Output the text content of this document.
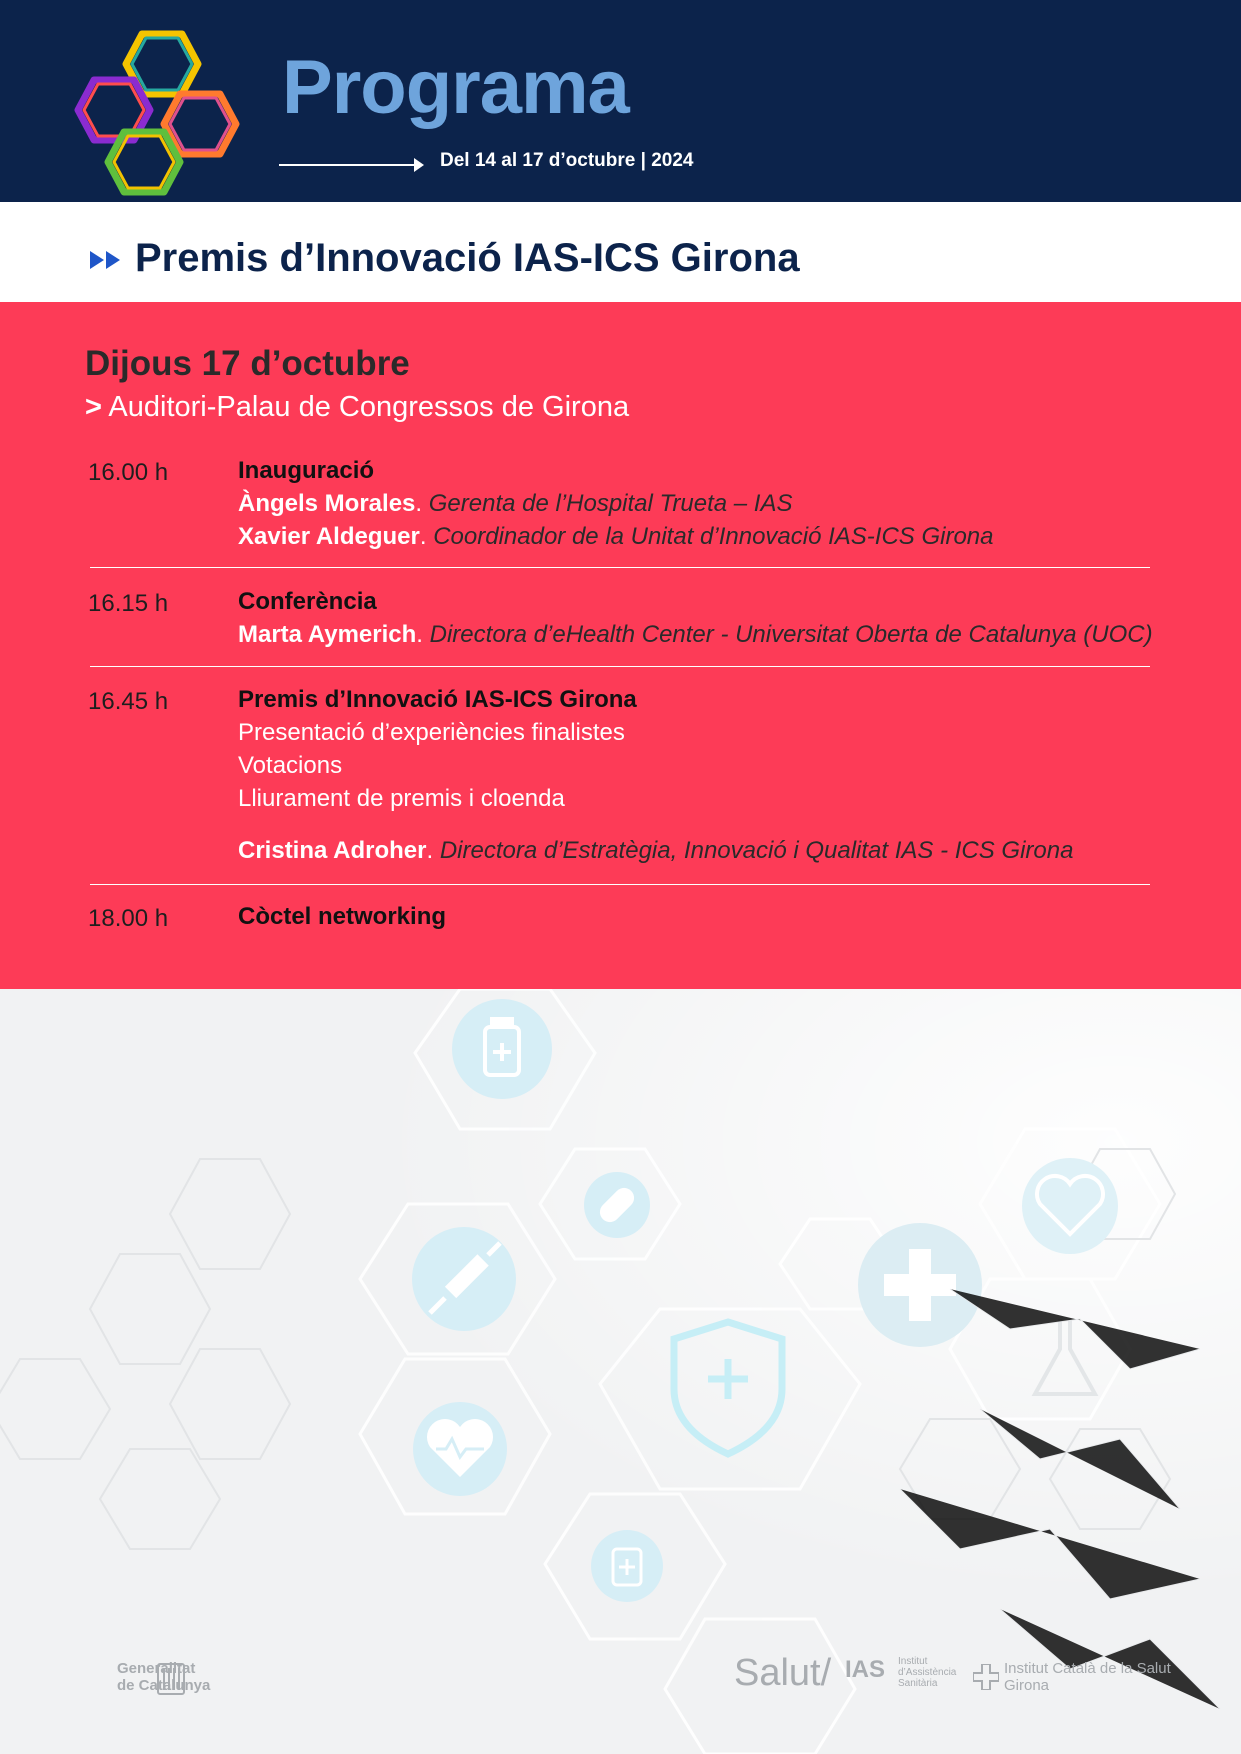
Programa
Del 14 al 17 d’octubre | 2024
Premis d’Innovació IAS-ICS Girona
Dijous 17 d’octubre
> Auditori-Palau de Congressos de Girona
16.00 h	Inauguració
Àngels Morales. Gerenta de l’Hospital Trueta – IAS
Xavier Aldeguer. Coordinador de la Unitat d’Innovació IAS-ICS Girona
16.15 h	Conferència
Marta Aymerich. Directora d’eHealth Center - Universitat Oberta de Catalunya (UOC)
16.45 h	Premis d’Innovació IAS-ICS Girona
Presentació d’experiències finalistes
Votacions
Lliurament de premis i cloenda
Cristina Adroher. Directora d’Estratègia, Innovació i Qualitat IAS - ICS Girona
18.00 h	Còctel networking
Generalitat
de Catalunya	Salut/ IAS Institut
d’Assistència
Sanitària
Institut Català de la Salut
Girona
